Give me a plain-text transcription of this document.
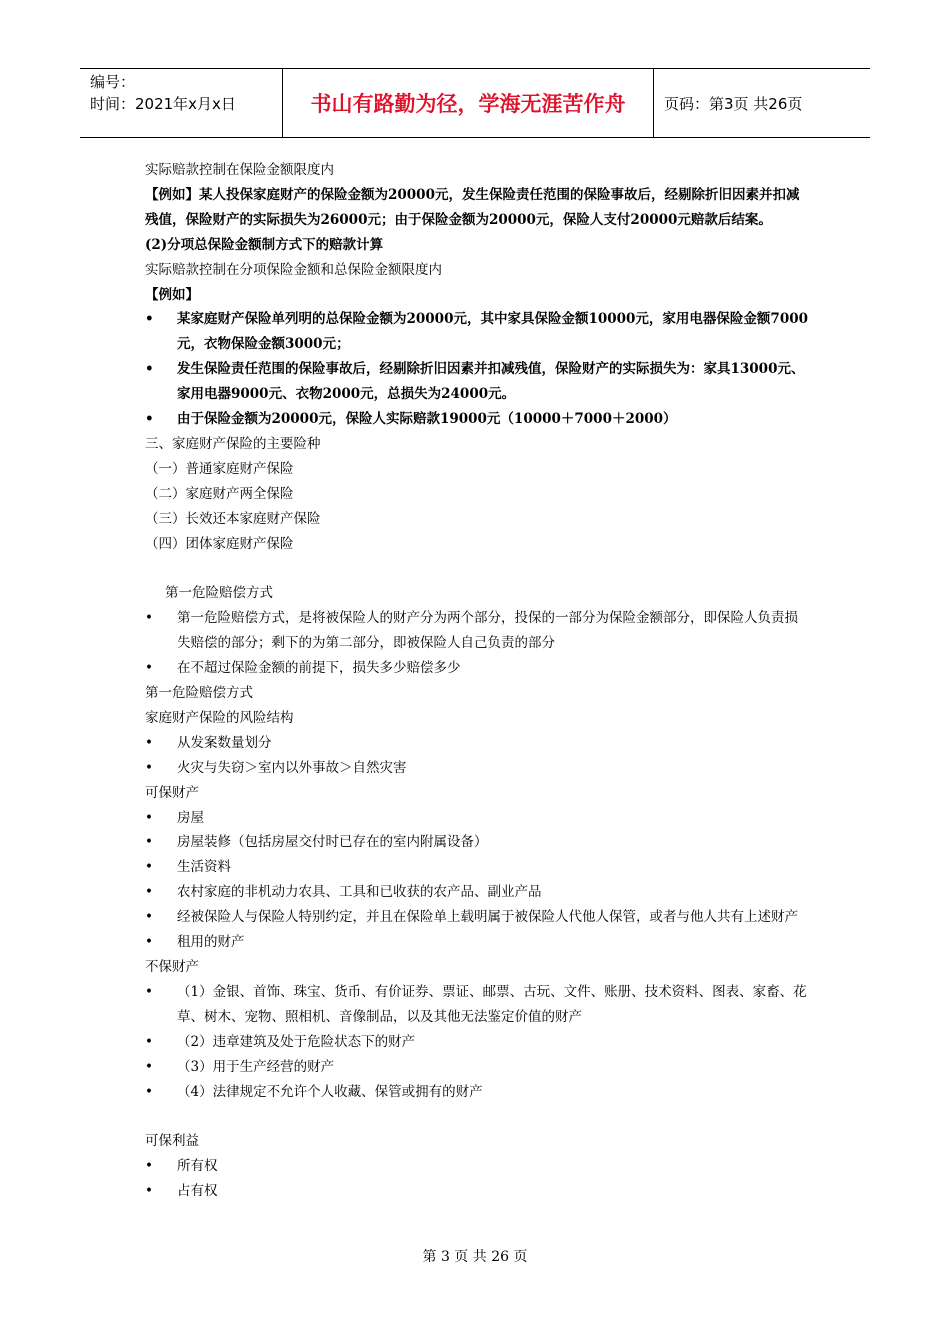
编号：
时间：2021年x月x日	书山有路勤为径，学海无涯苦作舟	页码：第3页 共26页
实际赔款控制在保险金额限度内
【例如】某人投保家庭财产的保险金额为20000元，发生保险责任范围的保险事故后，经剔除折旧因素并扣减残值，保险财产的实际损失为26000元；由于保险金额为20000元，保险人支付20000元赔款后结案。
(2)分项总保险金额制方式下的赔款计算
实际赔款控制在分项保险金额和总保险金额限度内
【例如】
•	某家庭财产保险单列明的总保险金额为20000元，其中家具保险金额10000元，家用电器保险金额7000元，衣物保险金额3000元；
•	发生保险责任范围的保险事故后，经剔除折旧因素并扣减残值，保险财产的实际损失为：家具13000元、家用电器9000元、衣物2000元，总损失为24000元。
•	由于保险金额为20000元，保险人实际赔款19000元（10000＋7000＋2000）
三、家庭财产保险的主要险种
（一）普通家庭财产保险
（二）家庭财产两全保险
（三）长效还本家庭财产保险
（四）团体家庭财产保险
第一危险赔偿方式
•	第一危险赔偿方式，是将被保险人的财产分为两个部分，投保的一部分为保险金额部分，即保险人负责损失赔偿的部分；剩下的为第二部分，即被保险人自己负责的部分
•	在不超过保险金额的前提下，损失多少赔偿多少
第一危险赔偿方式
家庭财产保险的风险结构
•	从发案数量划分
•	火灾与失窃＞室内以外事故＞自然灾害
可保财产
•	房屋
•	房屋装修（包括房屋交付时已存在的室内附属设备）
•	生活资料
•	农村家庭的非机动力农具、工具和已收获的农产品、副业产品
•	经被保险人与保险人特别约定，并且在保险单上载明属于被保险人代他人保管，或者与他人共有上述财产
•	租用的财产
不保财产
•	（1）金银、首饰、珠宝、货币、有价证券、票证、邮票、古玩、文件、账册、技术资料、图表、家畜、花草、树木、宠物、照相机、音像制品，以及其他无法鉴定价值的财产
•	（2）违章建筑及处于危险状态下的财产
•	（3）用于生产经营的财产
•	（4）法律规定不允许个人收藏、保管或拥有的财产
可保利益
•	所有权
•	占有权
第 3 页 共 26 页
